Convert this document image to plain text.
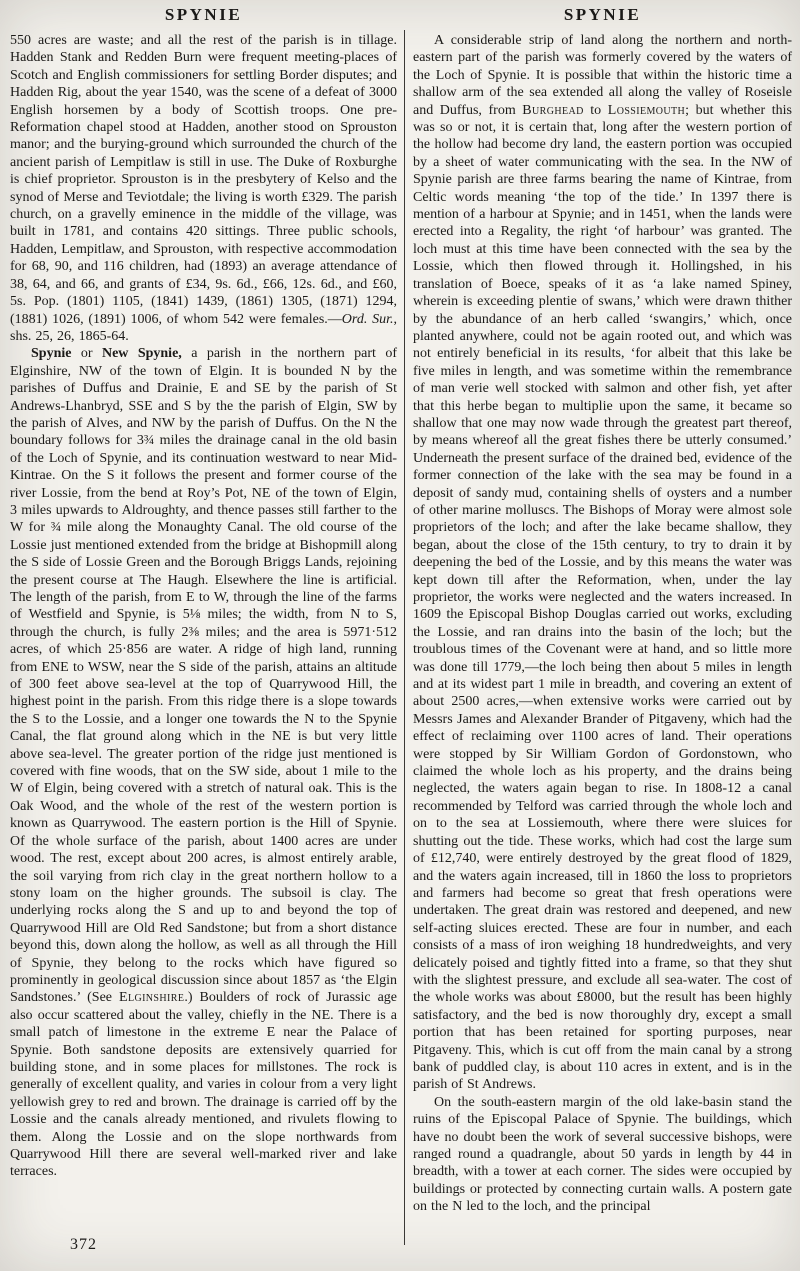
SPYNIE

550 acres are waste; and all the rest of the parish is in tillage. Hadden Stank and Redden Burn were frequent meeting-places of Scotch and English commissioners for settling Border disputes; and Hadden Rig, about the year 1540, was the scene of a defeat of 3000 English horsemen by a body of Scottish troops. One pre-Reformation chapel stood at Hadden, another stood on Sprouston manor; and the burying-ground which surrounded the church of the ancient parish of Lempitlaw is still in use. The Duke of Roxburghe is chief proprietor. Sprouston is in the presbytery of Kelso and the synod of Merse and Teviotdale; the living is worth £329. The parish church, on a gravelly eminence in the middle of the village, was built in 1781, and contains 420 sittings. Three public schools, Hadden, Lempitlaw, and Sprouston, with respective accommodation for 68, 90, and 116 children, had (1893) an average attendance of 38, 64, and 66, and grants of £34, 9s. 6d., £66, 12s. 6d., and £60, 5s. Pop. (1801) 1105, (1841) 1439, (1861) 1305, (1871) 1294, (1881) 1026, (1891) 1006, of whom 542 were females.—Ord. Sur., shs. 25, 26, 1865-64.

Spynie or New Spynie, a parish in the northern part of Elginshire, NW of the town of Elgin. It is bounded N by the parishes of Duffus and Drainie, E and SE by the parish of St Andrews-Lhanbryd, SSE and S by the the parish of Elgin, SW by the parish of Alves, and NW by the parish of Duffus. On the N the boundary follows for 3¾ miles the drainage canal in the old basin of the Loch of Spynie, and its continuation westward to near Mid-Kintrae. On the S it follows the present and former course of the river Lossie, from the bend at Roy’s Pot, NE of the town of Elgin, 3 miles upwards to Aldroughty, and thence passes still farther to the W for ¾ mile along the Monaughty Canal. The old course of the Lossie just mentioned extended from the bridge at Bishopmill along the S side of Lossie Green and the Borough Briggs Lands, rejoining the present course at The Haugh. Elsewhere the line is artificial. The length of the parish, from E to W, through the line of the farms of Westfield and Spynie, is 5⅛ miles; the width, from N to S, through the church, is fully 2⅜ miles; and the area is 5971·512 acres, of which 25·856 are water. A ridge of high land, running from ENE to WSW, near the S side of the parish, attains an altitude of 300 feet above sea-level at the top of Quarrywood Hill, the highest point in the parish. From this ridge there is a slope towards the S to the Lossie, and a longer one towards the N to the Spynie Canal, the flat ground along which in the NE is but very little above sea-level. The greater portion of the ridge just mentioned is covered with fine woods, that on the SW side, about 1 mile to the W of Elgin, being covered with a stretch of natural oak. This is the Oak Wood, and the whole of the rest of the western portion is known as Quarrywood. The eastern portion is the Hill of Spynie. Of the whole surface of the parish, about 1400 acres are under wood. The rest, except about 200 acres, is almost entirely arable, the soil varying from rich clay in the great northern hollow to a stony loam on the higher grounds. The subsoil is clay. The underlying rocks along the S and up to and beyond the top of Quarrywood Hill are Old Red Sandstone; but from a short distance beyond this, down along the hollow, as well as all through the Hill of Spynie, they belong to the rocks which have figured so prominently in geological discussion since about 1857 as ‘the Elgin Sandstones.’ (See Elginshire.) Boulders of rock of Jurassic age also occur scattered about the valley, chiefly in the NE. There is a small patch of limestone in the extreme E near the Palace of Spynie. Both sandstone deposits are extensively quarried for building stone, and in some places for millstones. The rock is generally of excellent quality, and varies in colour from a very light yellowish grey to red and brown. The drainage is carried off by the Lossie and the canals already mentioned, and rivulets flowing to them. Along the Lossie and on the slope northwards from Quarrywood Hill there are several well-marked river and lake terraces.

SPYNIE

A considerable strip of land along the northern and north-eastern part of the parish was formerly covered by the waters of the Loch of Spynie. It is possible that within the historic time a shallow arm of the sea extended all along the valley of Roseisle and Duffus, from Burghead to Lossiemouth; but whether this was so or not, it is certain that, long after the western portion of the hollow had become dry land, the eastern portion was occupied by a sheet of water communicating with the sea. In the NW of Spynie parish are three farms bearing the name of Kintrae, from Celtic words meaning ‘the top of the tide.’ In 1397 there is mention of a harbour at Spynie; and in 1451, when the lands were erected into a Regality, the right ‘of harbour’ was granted. The loch must at this time have been connected with the sea by the Lossie, which then flowed through it. Hollingshed, in his translation of Boece, speaks of it as ‘a lake named Spiney, wherein is exceeding plentie of swans,’ which were drawn thither by the abundance of an herb called ‘swangirs,’ which, once planted anywhere, could not be again rooted out, and which was not entirely beneficial in its results, ‘for albeit that this lake be five miles in length, and was sometime within the remembrance of man verie well stocked with salmon and other fish, yet after that this herbe began to multiplie upon the same, it became so shallow that one may now wade through the greatest part thereof, by means whereof all the great fishes there be utterly consumed.’ Underneath the present surface of the drained bed, evidence of the former connection of the lake with the sea may be found in a deposit of sandy mud, containing shells of oysters and a number of other marine molluscs. The Bishops of Moray were almost sole proprietors of the loch; and after the lake became shallow, they began, about the close of the 15th century, to try to drain it by deepening the bed of the Lossie, and by this means the water was kept down till after the Reformation, when, under the lay proprietor, the works were neglected and the waters increased. In 1609 the Episcopal Bishop Douglas carried out works, excluding the Lossie, and ran drains into the basin of the loch; but the troublous times of the Covenant were at hand, and so little more was done till 1779,—the loch being then about 5 miles in length and at its widest part 1 mile in breadth, and covering an extent of about 2500 acres,—when extensive works were carried out by Messrs James and Alexander Brander of Pitgaveny, which had the effect of reclaiming over 1100 acres of land. Their operations were stopped by Sir William Gordon of Gordonstown, who claimed the whole loch as his property, and the drains being neglected, the waters again began to rise. In 1808-12 a canal recommended by Telford was carried through the whole loch and on to the sea at Lossiemouth, where there were sluices for shutting out the tide. These works, which had cost the large sum of £12,740, were entirely destroyed by the great flood of 1829, and the waters again increased, till in 1860 the loss to proprietors and farmers had become so great that fresh operations were undertaken. The great drain was restored and deepened, and new self-acting sluices erected. These are four in number, and each consists of a mass of iron weighing 18 hundredweights, and very delicately poised and tightly fitted into a frame, so that they shut with the slightest pressure, and exclude all sea-water. The cost of the whole works was about £8000, but the result has been highly satisfactory, and the bed is now thoroughly dry, except a small portion that has been retained for sporting purposes, near Pitgaveny. This, which is cut off from the main canal by a strong bank of puddled clay, is about 110 acres in extent, and is in the parish of St Andrews.

On the south-eastern margin of the old lake-basin stand the ruins of the Episcopal Palace of Spynie. The buildings, which have no doubt been the work of several successive bishops, were ranged round a quadrangle, about 50 yards in length by 44 in breadth, with a tower at each corner. The sides were occupied by buildings or protected by connecting curtain walls. A postern gate on the N led to the loch, and the principal

372
